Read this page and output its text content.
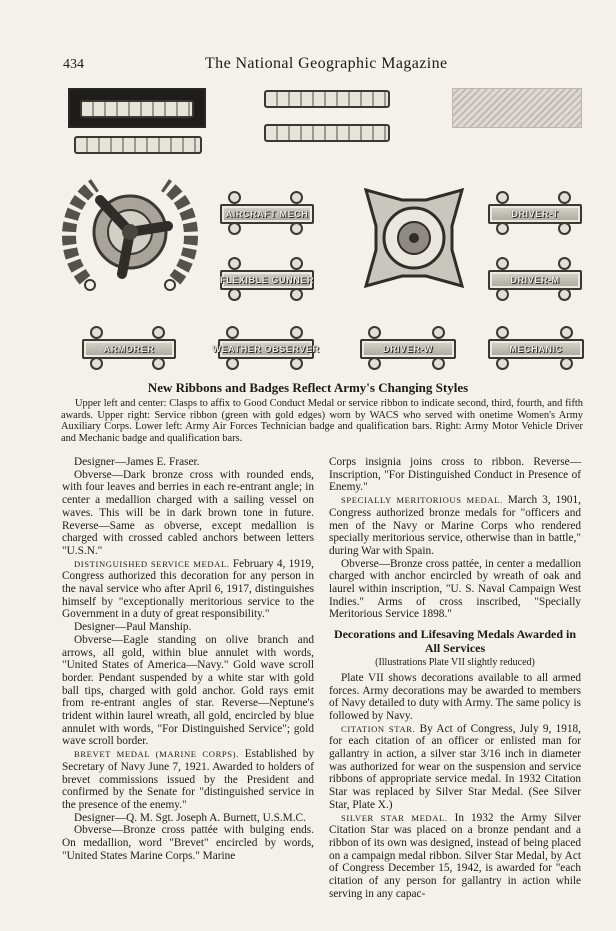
434	The National Geographic Magazine
AIRCRAFT MECH
FLEXIBLE GUNNER
DRIVER-T
DRIVER-M
ARMORER	WEATHER OBSERVER	DRIVER-W	MECHANIC
New Ribbons and Badges Reflect Army's Changing Styles

Upper left and center: Clasps to affix to Good Conduct Medal or service ribbon to indicate second, third, fourth, and fifth awards. Upper right: Service ribbon (green with gold edges) worn by WACS who served with onetime Women's Army Auxiliary Corps. Lower left: Army Air Forces Technician badge and qualification bars. Right: Army Motor Vehicle Driver and Mechanic badge and qualification bars.

Designer—James E. Fraser.

Obverse—Dark bronze cross with rounded ends, with four leaves and berries in each re-entrant angle; in center a medallion charged with a sailing vessel on waves. This will be in dark brown tone in future. Reverse—Same as obverse, except medallion is charged with crossed cabled anchors between letters "U.S.N."

DISTINGUISHED SERVICE MEDAL. February 4, 1919, Congress authorized this decoration for any person in the naval service who after April 6, 1917, distinguishes himself by "exceptionally meritorious service to the Government in a duty of great responsibility."

Designer—Paul Manship.

Obverse—Eagle standing on olive branch and arrows, all gold, within blue annulet with words, "United States of America—Navy." Gold wave scroll border. Pendant suspended by a white star with gold ball tips, charged with gold anchor. Gold rays emit from re-entrant angles of star. Reverse—Neptune's trident within laurel wreath, all gold, encircled by blue annulet with words, "For Distinguished Service"; gold wave scroll border.

BREVET MEDAL (MARINE CORPS). Established by Secretary of Navy June 7, 1921. Awarded to holders of brevet commissions issued by the President and confirmed by the Senate for "distinguished service in the presence of the enemy."

Designer—Q. M. Sgt. Joseph A. Burnett, U.S.M.C.

Obverse—Bronze cross pattée with bulging ends. On medallion, word "Brevet" encircled by words, "United States Marine Corps." Marine

Corps insignia joins cross to ribbon. Reverse—Inscription, "For Distinguished Conduct in Presence of Enemy."

SPECIALLY MERITORIOUS MEDAL. March 3, 1901, Congress authorized bronze medals for "officers and men of the Navy or Marine Corps who rendered specially meritorious service, otherwise than in battle," during War with Spain.

Obverse—Bronze cross pattée, in center a medallion charged with anchor encircled by wreath of oak and laurel within inscription, "U. S. Naval Campaign West Indies." Arms of cross inscribed, "Specially Meritorious Service 1898."

Decorations and Lifesaving Medals Awarded in All Services
(Illustrations Plate VII slightly reduced)

Plate VII shows decorations available to all armed forces. Army decorations may be awarded to members of Navy detailed to duty with Army. The same policy is followed by Navy.

CITATION STAR. By Act of Congress, July 9, 1918, for each citation of an officer or enlisted man for gallantry in action, a silver star 3/16 inch in diameter was authorized for wear on the suspension and service ribbons of appropriate service medal. In 1932 Citation Star was replaced by Silver Star Medal. (See Silver Star, Plate X.)

SILVER STAR MEDAL. In 1932 the Army Silver Citation Star was placed on a bronze pendant and a ribbon of its own was designed, instead of being placed on a campaign medal ribbon. Silver Star Medal, by Act of Congress December 15, 1942, is awarded for "each citation of any person for gallantry in action while serving in any capac-
